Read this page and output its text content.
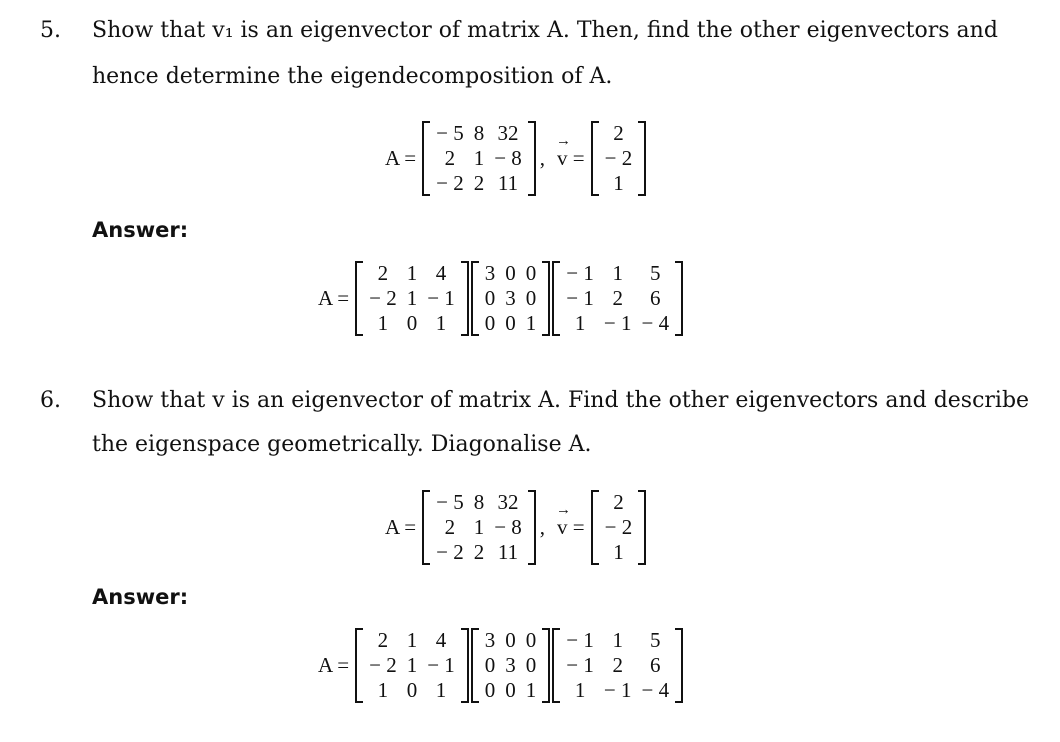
5. Show that v₁ is an eigenvector of matrix A. Then, find the other eigenvectors and
hence determine the eigendecomposition of A.
A =
− 5	8	32
2	1	− 8
− 2	2	11
, → v =
2
− 2
1
Answer:
A =
2	1	4
− 2	1	− 1
1	0	1
3	0	0
0	3	0
0	0	1
− 1	1	5
− 1	2	6
1	− 1	− 4
6. Show that v is an eigenvector of matrix A. Find the other eigenvectors and describe
the eigenspace geometrically. Diagonalise A.
A =
− 5	8	32
2	1	− 8
− 2	2	11
, → v =
2
− 2
1
Answer:
A =
2	1	4
− 2	1	− 1
1	0	1
3	0	0
0	3	0
0	0	1
− 1	1	5
− 1	2	6
1	− 1	− 4
